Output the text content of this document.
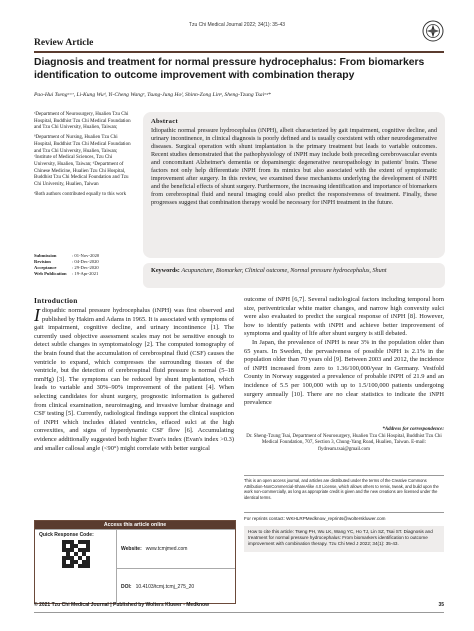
Tzu Chi Medical Journal 2022; 34(1): 35-43
Review Article
Diagnosis and treatment for normal pressure hydrocephalus: From biomarkers identification to outcome improvement with combination therapy
Pao-Hui Tsengᵃʴᶜʳ, Li-Kung Wuᵈ, Yi-Cheng Wangᵉ, Tsung-Jung Hoᶠ, Shinn-Zong Linᵍ, Sheng-Tzung Tsaiᵃᵍ*

ᵃDepartment of Neurosurgery, Hualien Tzu Chi Hospital, Buddhist Tzu Chi Medical Foundation and Tzu Chi University, Hualien, Taiwan;

ᵇDepartment of Nursing, Hualien Tzu Chi Hospital, Buddhist Tzu Chi Medical Foundation and Tzu Chi University, Hualien, Taiwan; ᶜInstitute of Medical Sciences, Tzu Chi University, Hualien, Taiwan; ᵈDepartment of Chinese Medicine, Hualien Tzu Chi Hospital, Buddhist Tzu Chi Medical Foundation and Tzu Chi University, Hualien, Taiwan

ᵉBoth authors contributed equally to this work

Submission	: 01-Nov-2020
Revision	: 04-Dec-2020
Acceptance	: 29-Dec-2020
Web Publication	: 19-Apr-2021
Abstract
Idiopathic normal pressure hydrocephalus (iNPH), albeit characterized by gait impairment, cognitive decline, and urinary incontinence, in clinical diagnosis is poorly defined and is usually coexistent with other neurodegenerative diseases. Surgical operation with shunt implantation is the primary treatment but leads to variable outcomes. Recent studies demonstrated that the pathophysiology of iNPH may include both preceding cerebrovascular events and concomitant Alzheimer's dementia or dopaminergic degenerative neuropathology in patients' brain. These factors not only help differentiate iNPH from its mimics but also associated with the extent of symptomatic improvement after surgery. In this review, we examined these mechanisms underlying the development of iNPH and the beneficial effects of shunt surgery. Furthermore, the increasing identification and importance of biomarkers from cerebrospinal fluid and neural imaging could also predict the responsiveness of treatment. Finally, these progresses suggest that combination therapy would be necessary for iNPH treatment in the future.
Keywords: Acupuncture, Biomarker, Clinical outcome, Normal pressure hydrocephalus, Shunt
Introduction
Idiopathic normal pressure hydrocephalus (iNPH) was first observed and published by Hakim and Adams in 1965. It is associated with symptoms of gait impairment, cognitive decline, and urinary incontinence [1]. The currently used objective assessment scales may not be sensitive enough to detect subtle changes in symptomatology [2]. The computed tomography of the brain found that the accumulation of cerebrospinal fluid (CSF) causes the ventricle to expand, which compresses the surrounding tissues of the ventricle, but the detection of cerebrospinal fluid pressure is normal (5–18 mmHg) [3]. The symptoms can be reduced by shunt implantation, which leads to variable and 30%–90% improvement of the patient [4]. When selecting candidates for shunt surgery, prognostic information is gathered from clinical examination, neuroimaging, and invasive lumbar drainage and CSF testing [5]. Currently, radiological findings support the clinical suspicion of iNPH which includes dilated ventricles, effaced sulci at the high convexities, and signs of hyperdynamic CSF flow [6]. Accumulating evidence additionally suggested both higher Evan's index (Evan's index >0.3) and smaller callosal angle (<90°) might correlate with better surgical

outcome of iNPH [6,7]. Several radiological factors including temporal horn size, periventricular white matter changes, and narrow high convexity sulci were also evaluated to predict the surgical response of iNPH [8]. However, how to identify patients with iNPH and achieve better improvement of symptoms and quality of life after shunt surgery is still debated.

In Japan, the prevalence of iNPH is near 3% in the population older than 65 years. In Sweden, the pervasiveness of possible iNPH is 2.1% in the population older than 70 years old [9]. Between 2003 and 2012, the incidence of iNPH increased from zero to 1.36/100,000/year in Germany. Vestfold County in Norway suggested a prevalence of probable iNPH of 21.9 and an incidence of 5.5 per 100,000 with up to 1.5/100,000 patients undergoing surgery annually [10]. There are no clear statistics to indicate the iNPH prevalence

*Address for correspondence:
Dr. Sheng-Tzung Tsai, Department of Neurosurgery, Hualien Tzu Chi Hospital, Buddhist Tzu Chi Medical Foundation, 707, Section 3, Chung-Yang Road, Hualien, Taiwan. E-mail: flydream.tsai@gmail.com
This is an open access journal, and articles are distributed under the terms of the Creative Commons Attribution-NonCommercial-ShareAlike 4.0 License, which allows others to remix, tweak, and build upon the work non-commercially, as long as appropriate credit is given and the new creations are licensed under the identical terms.
For reprints contact: WKHLRPMedknow_reprints@wolterskluwer.com
How to cite this article: Tseng PH, Wu LK, Wang YC, Ho TJ, Lin SZ, Tsai ST. Diagnosis and treatment for normal pressure hydrocephalus: From biomarkers identification to outcome improvement with combination therapy. Tzu Chi Med J 2022; 34(1): 35-43.
Access this article online
Quick Response Code:
Website: www.tcmjmed.com
DOI: 10.4103/tcmj.tcmj_275_20
© 2021 Tzu Chi Medical Journal | Published by Wolters Kluwer - Medknow	35
